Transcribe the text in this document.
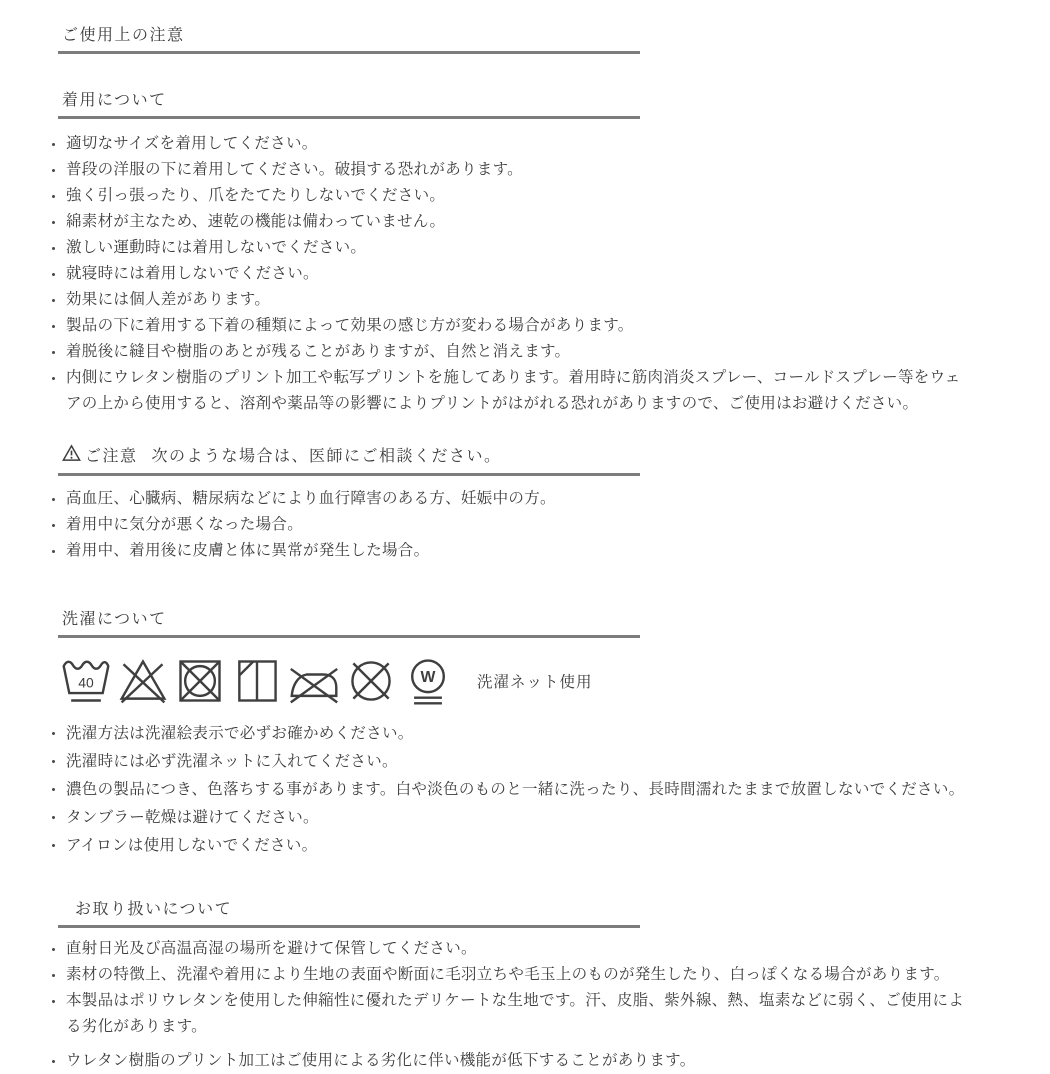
ご使用上の注意
着用について
適切なサイズを着用してください。
普段の洋服の下に着用してください。破損する恐れがあります。
強く引っ張ったり、爪をたてたりしないでください。
綿素材が主なため、速乾の機能は備わっていません。
激しい運動時には着用しないでください。
就寝時には着用しないでください。
効果には個人差があります。
製品の下に着用する下着の種類によって効果の感じ方が変わる場合があります。
着脱後に縫目や樹脂のあとが残ることがありますが、自然と消えます。
内側にウレタン樹脂のプリント加工や転写プリントを施してあります。着用時に筋肉消炎スプレー、コールドスプレー等をウェアの上から使用すると、溶剤や薬品等の影響によりプリントがはがれる恐れがありますので、ご使用はお避けください。
ご注意 次のような場合は、医師にご相談ください。
高血圧、心臓病、糖尿病などにより血行障害のある方、妊娠中の方。
着用中に気分が悪くなった場合。
着用中、着用後に皮膚と体に異常が発生した場合。
洗濯について
40	W	洗濯ネット使用
洗濯方法は洗濯絵表示で必ずお確かめください。
洗濯時には必ず洗濯ネットに入れてください。
濃色の製品につき、色落ちする事があります。白や淡色のものと一緒に洗ったり、長時間濡れたままで放置しないでください。
タンブラー乾燥は避けてください。
アイロンは使用しないでください。
お取り扱いについて
直射日光及び高温高湿の場所を避けて保管してください。
素材の特徴上、洗濯や着用により生地の表面や断面に毛羽立ちや毛玉上のものが発生したり、白っぽくなる場合があります。
本製品はポリウレタンを使用した伸縮性に優れたデリケートな生地です。汗、皮脂、紫外線、熱、塩素などに弱く、ご使用による劣化があります。
ウレタン樹脂のプリント加工はご使用による劣化に伴い機能が低下することがあります。
